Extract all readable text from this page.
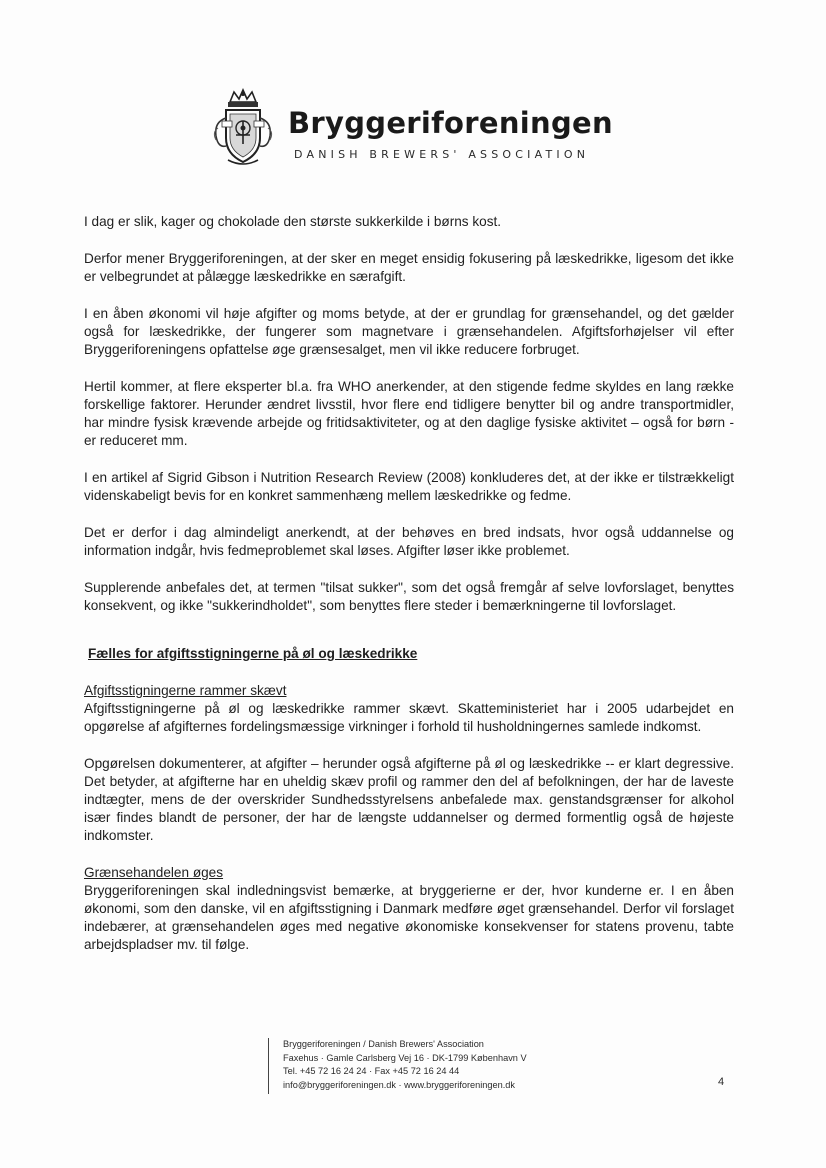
Bryggeriforeningen
DANISH BREWERS' ASSOCIATION

I dag er slik, kager og chokolade den største sukkerkilde i børns kost.

Derfor mener Bryggeriforeningen, at der sker en meget ensidig fokusering på læskedrikke, ligesom det ikke er velbegrundet at pålægge læskedrikke en særafgift.

I en åben økonomi vil høje afgifter og moms betyde, at der er grundlag for grænsehandel, og det gælder også for læskedrikke, der fungerer som magnetvare i grænsehandelen. Afgiftsforhøjelser vil efter Bryggeriforeningens opfattelse øge grænsesalget, men vil ikke reducere forbruget.

Hertil kommer, at flere eksperter bl.a. fra WHO anerkender, at den stigende fedme skyldes en lang række forskellige faktorer. Herunder ændret livsstil, hvor flere end tidligere benytter bil og andre transportmidler, har mindre fysisk krævende arbejde og fritidsaktiviteter, og at den daglige fysiske aktivitet – også for børn - er reduceret mm.

I en artikel af Sigrid Gibson i Nutrition Research Review (2008) konkluderes det, at der ikke er tilstrækkeligt videnskabeligt bevis for en konkret sammenhæng mellem læskedrikke og fedme.

Det er derfor i dag almindeligt anerkendt, at der behøves en bred indsats, hvor også uddannelse og information indgår, hvis fedmeproblemet skal løses. Afgifter løser ikke problemet.

Supplerende anbefales det, at termen "tilsat sukker", som det også fremgår af selve lovforslaget, benyttes konsekvent, og ikke "sukkerindholdet", som benyttes flere steder i bemærkningerne til lovforslaget.

Fælles for afgiftsstigningerne på øl og læskedrikke
Afgiftsstigningerne rammer skævt

Afgiftsstigningerne på øl og læskedrikke rammer skævt. Skatteministeriet har i 2005 udarbejdet en opgørelse af afgifternes fordelingsmæssige virkninger i forhold til husholdningernes samlede indkomst.

Opgørelsen dokumenterer, at afgifter – herunder også afgifterne på øl og læskedrikke -- er klart degressive. Det betyder, at afgifterne har en uheldig skæv profil og rammer den del af befolkningen, der har de laveste indtægter, mens de der overskrider Sundhedsstyrelsens anbefalede max. genstandsgrænser for alkohol især findes blandt de personer, der har de længste uddannelser og dermed formentlig også de højeste indkomster.

Grænsehandelen øges

Bryggeriforeningen skal indledningsvist bemærke, at bryggerierne er der, hvor kunderne er. I en åben økonomi, som den danske, vil en afgiftsstigning i Danmark medføre øget grænsehandel. Derfor vil forslaget indebærer, at grænsehandelen øges med negative økonomiske konsekvenser for statens provenu, tabte arbejdspladser mv. til følge.

Bryggeriforeningen / Danish Brewers' Association
Faxehus · Gamle Carlsberg Vej 16 · DK-1799 København V
Tel. +45 72 16 24 24 · Fax +45 72 16 24 44
info@bryggeriforeningen.dk · www.bryggeriforeningen.dk	4
